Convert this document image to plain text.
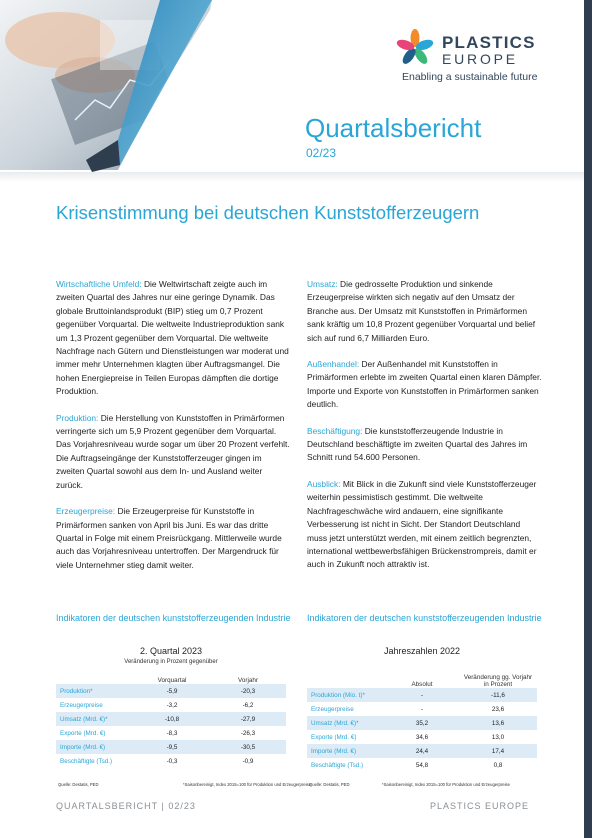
PLASTICS
EUROPE
Enabling a sustainable future
Quartalsbericht
02/23
Krisenstimmung bei deutschen Kunststofferzeugern

Wirtschaftliche Umfeld: Die Weltwirtschaft zeigte auch im zweiten Quartal des Jahres nur eine geringe Dynamik. Das globale Bruttoinlandsprodukt (BIP) stieg um 0,7 Prozent gegenüber Vorquartal. Die weltweite Industrieproduktion sank um 1,3 Prozent gegenüber dem Vorquartal. Die weltweite Nachfrage nach Gütern und Dienstleistungen war moderat und immer mehr Unternehmen klagten über Auftragsmangel. Die hohen Energiepreise in Teilen Europas dämpften die dortige Produktion.

Produktion: Die Herstellung von Kunststoffen in Primärformen verringerte sich um 5,9 Prozent gegenüber dem Vorquartal. Das Vorjahresniveau wurde sogar um über 20 Prozent verfehlt. Die Auftragseingänge der Kunststofferzeuger gingen im zweiten Quartal sowohl aus dem In- und Ausland weiter zurück.

Erzeugerpreise: Die Erzeugerpreise für Kunststoffe in Primärformen sanken von April bis Juni. Es war das dritte Quartal in Folge mit einem Preisrückgang. Mittlerweile wurde auch das Vorjahresniveau untertroffen. Der Margendruck für viele Unternehmer stieg damit weiter.

Umsatz: Die gedrosselte Produktion und sinkende Erzeugerpreise wirkten sich negativ auf den Umsatz der Branche aus. Der Umsatz mit Kunststoffen in Primärformen sank kräftig um 10,8 Prozent gegenüber Vorquartal und belief sich auf rund 6,7 Milliarden Euro.

Außenhandel: Der Außenhandel mit Kunststoffen in Primärformen erlebte im zweiten Quartal einen klaren Dämpfer. Importe und Exporte von Kunststoffen in Primärformen sanken deutlich.

Beschäftigung: Die kunststofferzeugende Industrie in Deutschland beschäftigte im zweiten Quartal des Jahres im Schnitt rund 54.600 Personen.

Ausblick: Mit Blick in die Zukunft sind viele Kunststofferzeuger weiterhin pessimistisch gestimmt. Die weltweite Nachfrageschwäche wird andauern, eine signifikante Verbesserung ist nicht in Sicht. Der Standort Deutschland muss jetzt unterstützt werden, mit einem zeitlich begrenzten, international wettbewerbsfähigen Brückenstrompreis, damit er auch in Zukunft noch attraktiv ist.

Indikatoren der deutschen kunststofferzeugenden Industrie
2. Quartal 2023
Veränderung in Prozent gegenüber
	Vorquartal	Vorjahr
Produktion*	-5,9	-20,3
Erzeugerpreise	-3,2	-6,2
Umsatz (Mrd. €)*	-10,8	-27,9
Exporte (Mrd. €)	-8,3	-26,3
Importe (Mrd. €)	-9,5	-30,5
Beschäftigte (Tsd.)	-0,3	-0,9
Quelle: Destatis, PED	*Saisonbereinigt, Index 2015=100 für Produktion und Erzeugerpreise
Indikatoren der deutschen kunststofferzeugenden Industrie
Jahreszahlen 2022
	Absolut	Veränderung gg. Vorjahr in Prozent
Produktion (Mio. t)*	-	-11,6
Erzeugerpreise	-	23,6
Umsatz (Mrd. €)*	35,2	13,6
Exporte (Mrd. €)	34,6	13,0
Importe (Mrd. €)	24,4	17,4
Beschäftigte (Tsd.)	54,8	0,8
Quelle: Destatis, PED	*Saisonbereinigt, Index 2015=100 für Produktion und Erzeugerpreise
QUARTALSBERICHT | 02/23	PLASTICS EUROPE
